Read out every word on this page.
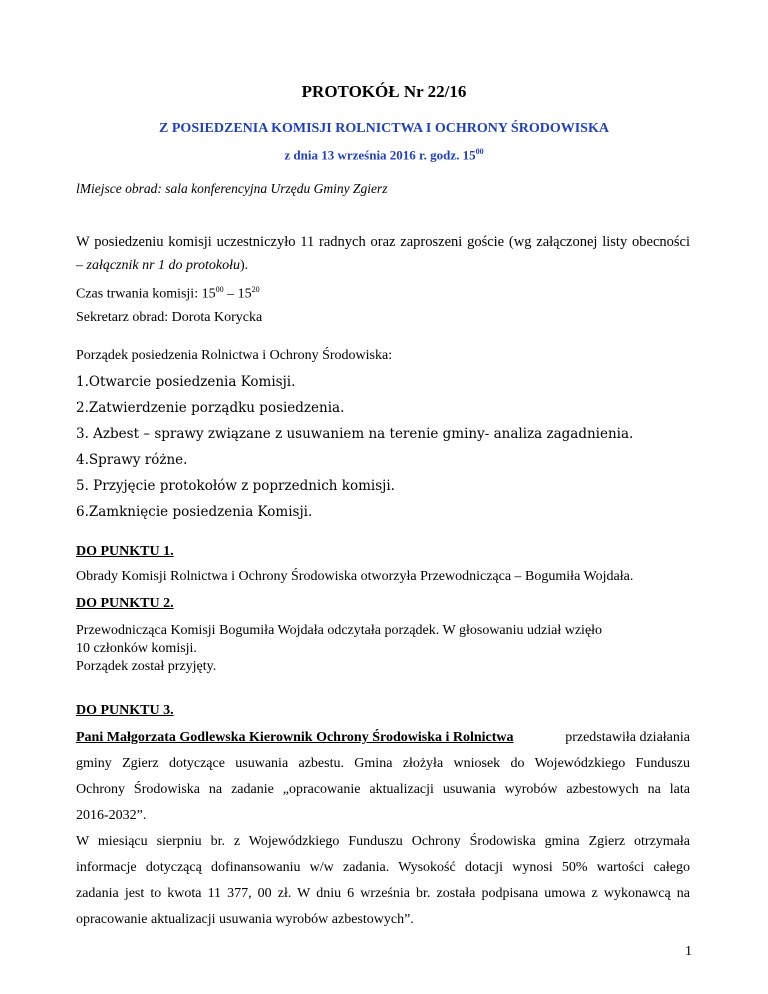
PROTOKÓŁ Nr 22/16
Z POSIEDZENIA KOMISJI ROLNICTWA I OCHRONY ŚRODOWISKA
z dnia 13 września 2016 r. godz. $15^{00}$
lMiejsce obrad: sala konferencyjna Urzędu Gminy Zgierz
W posiedzeniu komisji uczestniczyło 11 radnych oraz zaproszeni goście (wg załączonej listy obecności
– załącznik nr 1 do protokołu).
Czas trwania komisji: $15^{00} - 15^{20}$
Sekretarz obrad: Dorota Korycka
Porządek posiedzenia Rolnictwa i Ochrony Środowiska:
1.Otwarcie posiedzenia Komisji.
2.Zatwierdzenie porządku posiedzenia.
3. Azbest – sprawy związane z usuwaniem na terenie gminy- analiza zagadnienia.
4.Sprawy różne.
5. Przyjęcie protokołów z poprzednich komisji.
6.Zamknięcie posiedzenia Komisji.
DO PUNKTU 1.
Obrady Komisji Rolnictwa i Ochrony Środowiska otworzyła Przewodnicząca – Bogumiła Wojdała.
DO PUNKTU 2.
Przewodnicząca Komisji Bogumiła Wojdała odczytała porządek. W głosowaniu udział wzięło
10 członków komisji.
Porządek został przyjęty.
DO PUNKTU 3.
Pani Małgorzata Godlewska Kierownik Ochrony Środowiska i Rolnictwa	przedstawiła działania
gminy Zgierz dotyczące usuwania azbestu. Gmina złożyła wniosek do Wojewódzkiego Funduszu
Ochrony Środowiska na zadanie „opracowanie aktualizacji usuwania wyrobów azbestowych na lata
2016-2032”.
W miesiącu sierpniu br. z Wojewódzkiego Funduszu Ochrony Środowiska gmina Zgierz otrzymała
informacje dotyczącą dofinansowaniu w/w zadania. Wysokość dotacji wynosi 50% wartości całego
zadania jest to kwota 11 377, 00 zł. W dniu 6 września br. została podpisana umowa z wykonawcą na
opracowanie aktualizacji usuwania wyrobów azbestowych”.
1
